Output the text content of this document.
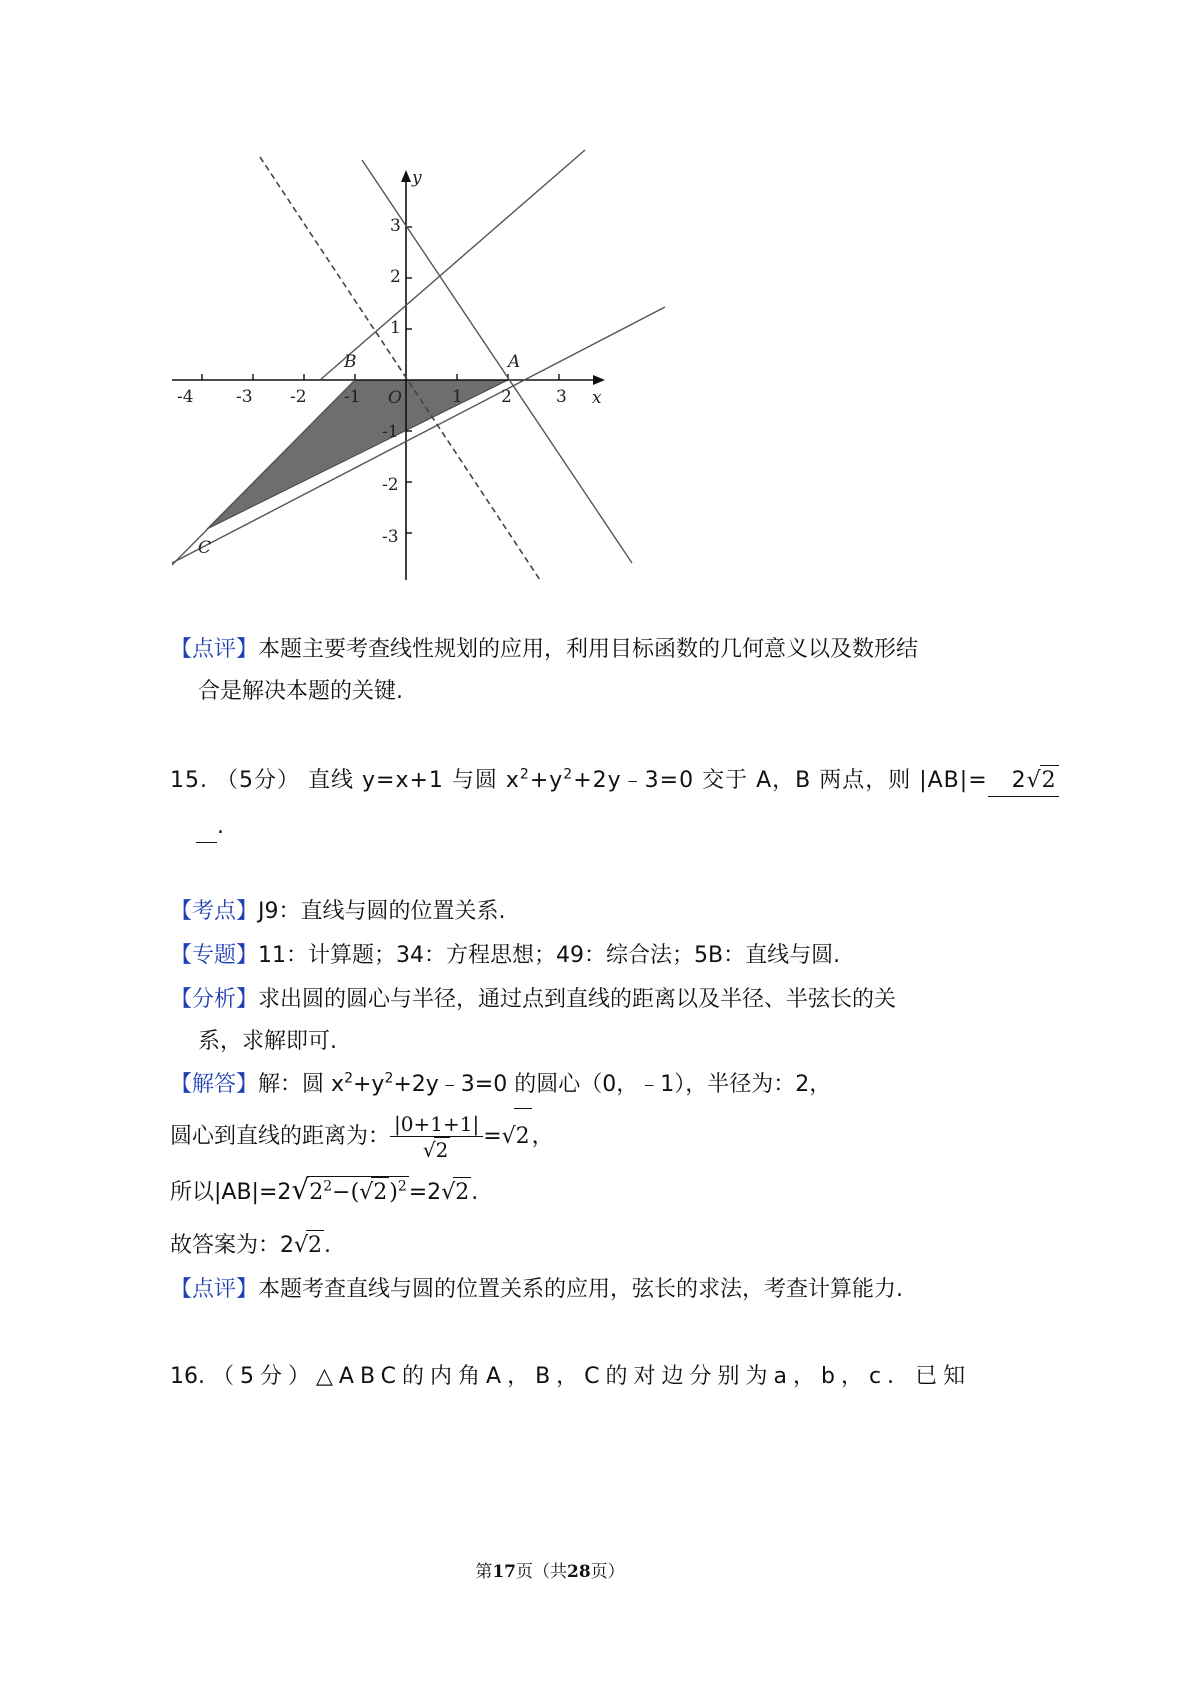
-4 -3 -2 -1	1 2	3
3
2
1
-1
-2
-3
x
y
O
A
B
C
【点评】本题主要考查线性规划的应用，利用目标函数的几何意义以及数形结
合是解决本题的关键.
15. （5分） 直线 y=x+1 与圆 $x^2+y^2+2y﹣3=0$ 交于 A，B 两点，则 |AB|= 2√2
.
【考点】J9：直线与圆的位置关系.
【专题】11：计算题；34：方程思想；49：综合法；5B：直线与圆.
【分析】求出圆的圆心与半径，通过点到直线的距离以及半径、半弦长的关
系，求解即可.
【解答】解：圆 $x^2+y^2+2y﹣3=0$ 的圆心（0，﹣1），半径为：2，
圆心到直线的距离为： $\frac{|0+1+1|}{√2} =√2$，
所以$|AB|=2√2^2-(√2)^2=2√2$.
故答案为：2√2.
【点评】本题考查直线与圆的位置关系的应用，弦长的求法，考查计算能力.
16. （5分）△ABC的内角A，B，C的对边分别为a，b，c．已知
第17页（共28页）
